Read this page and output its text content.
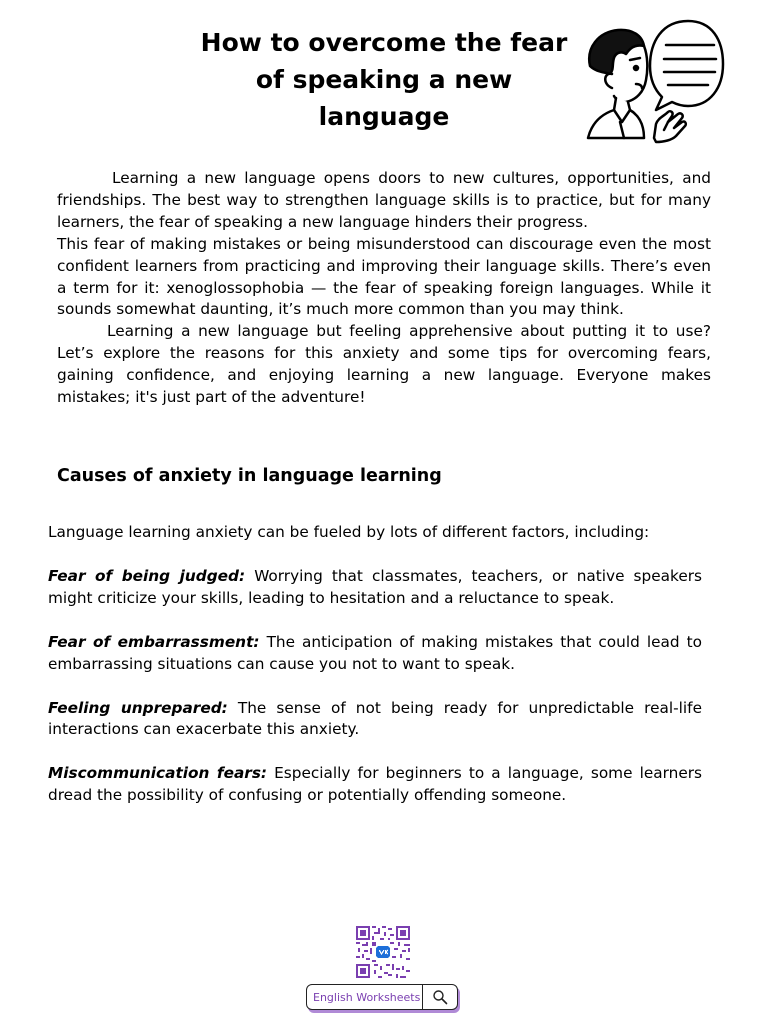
How to overcome the fear of speaking a new language

Learning a new language opens doors to new cultures, opportunities, and friendships. The best way to strengthen language skills is to practice, but for many learners, the fear of speaking a new language hinders their progress.

This fear of making mistakes or being misunderstood can discourage even the most confident learners from practicing and improving their language skills. There’s even a term for it: xenoglossophobia — the fear of speaking foreign languages. While it sounds somewhat daunting, it’s much more common than you may think.

Learning a new language but feeling apprehensive about putting it to use? Let’s explore the reasons for this anxiety and some tips for overcoming fears, gaining confidence, and enjoying learning a new language. Everyone makes mistakes; it's just part of the adventure!

Causes of anxiety in language learning

Language learning anxiety can be fueled by lots of different factors, including:

Fear of being judged: Worrying that classmates, teachers, or native speakers might criticize your skills, leading to hesitation and a reluctance to speak.

Fear of embarrassment: The anticipation of making mistakes that could lead to embarrassing situations can cause you not to want to speak.

Feeling unprepared: The sense of not being ready for unpredictable real-life interactions can exacerbate this anxiety.

Miscommunication fears: Especially for beginners to a language, some learners dread the possibility of confusing or potentially offending someone.

English Worksheets
